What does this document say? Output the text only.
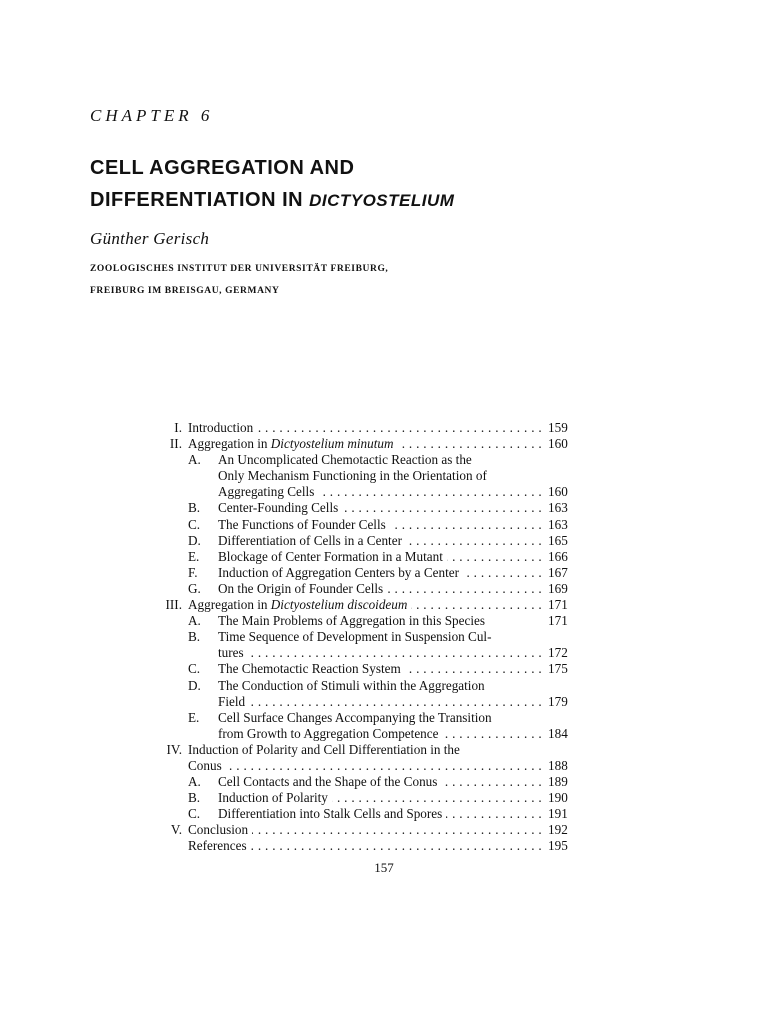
CHAPTER 6
CELL AGGREGATION AND
DIFFERENTIATION IN DICTYOSTELIUM
Günther Gerisch
ZOOLOGISCHES INSTITUT DER UNIVERSITÄT FREIBURG,
FREIBURG IM BREISGAU, GERMANY
I. Introduction . . .	159
II. Aggregation in Dictyostelium minutum . . .	160
A. An Uncomplicated Chemotactic Reaction as the
Only Mechanism Functioning in the Orientation of
Aggregating Cells . . .	160
B. Center-Founding Cells . . .	163
C. The Functions of Founder Cells . . .	163
D. Differentiation of Cells in a Center . . .	165
E. Blockage of Center Formation in a Mutant . . .	166
F. Induction of Aggregation Centers by a Center . . .	167
G. On the Origin of Founder Cells . . .	169
III. Aggregation in Dictyostelium discoideum . . .	171
A. The Main Problems of Aggregation in this Species	171
B. Time Sequence of Development in Suspension Cul-
tures . . .	172
C. The Chemotactic Reaction System . . .	175
D. The Conduction of Stimuli within the Aggregation
Field . . .	179
E. Cell Surface Changes Accompanying the Transition
from Growth to Aggregation Competence . . .	184
IV. Induction of Polarity and Cell Differentiation in the
Conus . . .	188
A. Cell Contacts and the Shape of the Conus . . .	189
B. Induction of Polarity . . .	190
C. Differentiation into Stalk Cells and Spores . . .	191
V. Conclusion . . .	192
References . . .	195
157
